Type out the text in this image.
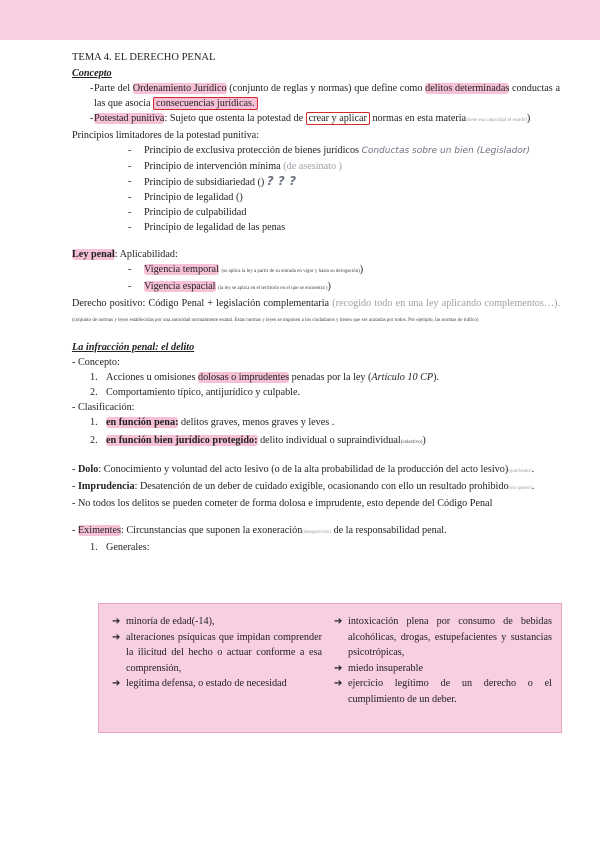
TEMA 4. EL DERECHO PENAL
Concepto
- Parte del Ordenamiento Jurídico (conjunto de reglas y normas) que define como delitos determinadas conductas a las que asocia consecuencias jurídicas.
- Potestad punitiva: Sujeto que ostenta la potestad de crear y aplicar normas en esta materia(tiene esa capacidad el estado))
Principios limitadores de la potestad punitiva:
- Principio de exclusiva protección de bienes jurídicos Conductas sobre un bien (Legislador)
- Principio de intervención mínima (de asesinato )
- Principio de subsidiariedad () ? ? ?
- Principio de legalidad ()
- Principio de culpabilidad
- Principio de legalidad de las penas
Ley penal: Aplicabilidad:
- Vigencia temporal (se aplica la ley a partir de su entrada en vigor y hasta su derogación))
- Vigencia espacial (la ley se aplica en el territorio en el que se encuentra ))
Derecho positivo: Código Penal + legislación complementaria (recogido todo en una ley aplicando complementos…). (conjunto de normas y leyes establecidas por una autoridad normalmente estatal. Estas normas y leyes se imponen a los ciudadanos y tienen que ser acatadas por todos. Por ejemplo, las normas de tráfico)
La infracción penal: el delito
- Concepto:
1. Acciones u omisiones dolosas o imprudentes penadas por la ley (Artículo 10 CP).
2. Comportamiento típico, antijurídico y culpable.
- Clasificación:
1. en función pena: delitos graves, menos graves y leves .
2. en función bien jurídico protegido: delito individual o supraindividual(colectivo))
- Dolo: Conocimiento y voluntad del acto lesivo (o de la alta probabilidad de la producción del acto lesivo)(queriendo).
- Imprudencia: Desatención de un deber de cuidado exigible, ocasionando con ello un resultado prohibido(sin querer).
- No todos los delitos se pueden cometer de forma dolosa e imprudente, esto depende del Código Penal
- Eximentes: Circunstancias que suponen la exoneración(desaparición) de la responsabilidad penal.
1. Generales:
➔ minoría de edad(-14),
➔ alteraciones psíquicas que impidan comprender la ilicitud del hecho o actuar conforme a esa comprensión,
➔ legítima defensa, o estado de necesidad
➔ intoxicación plena por consumo de bebidas alcohólicas, drogas, estupefacientes y sustancias psicotrópicas,
➔ miedo insuperable
➔ ejercicio legítimo de un derecho o el cumplimiento de un deber.
